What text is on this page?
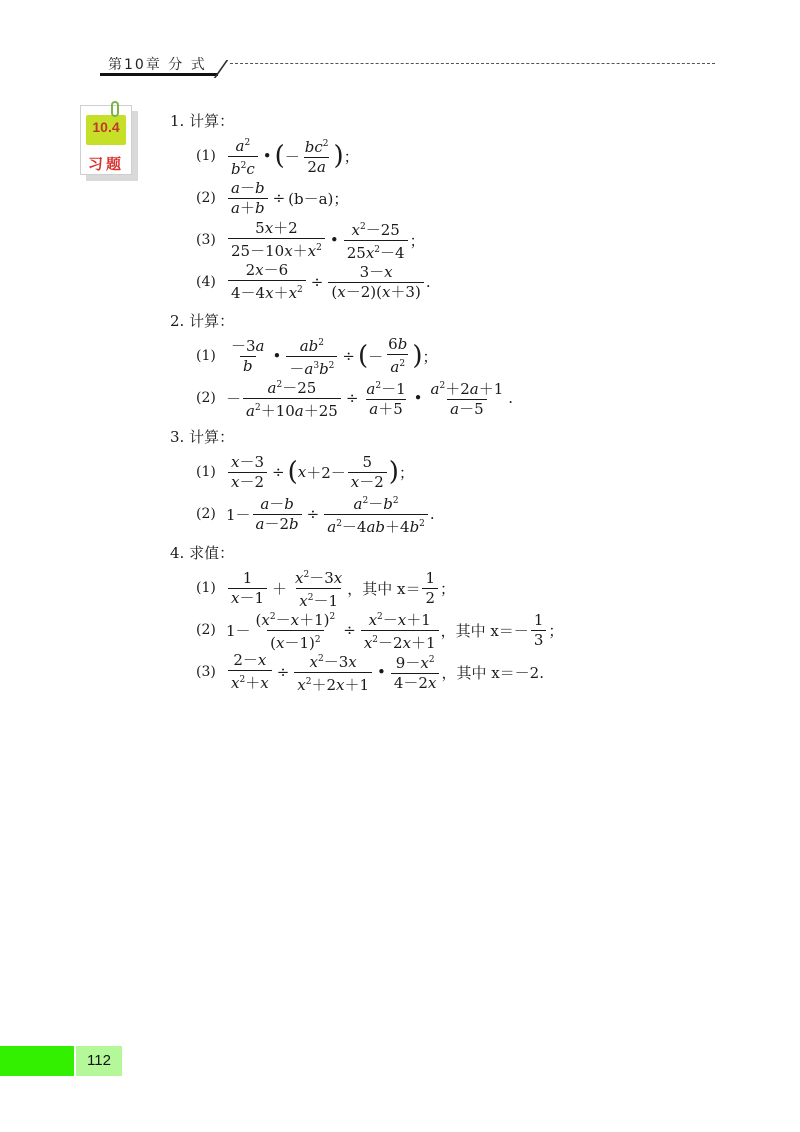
第10章 分 式
10.4
习题
1. 计算：
$(1) \frac{a^2}{b^2c}$ • ( － $\frac{bc^2}{2a}$ ) ；
$(2) \frac{a-b}{a+b} \div (b-a)$；
$(3) \frac{5x+2}{25-10x+x^2}$ • $\frac{x^2-25}{25x^2-4}$ ；
$(4) \frac{2x-6}{4-4x+x^2} \div \frac{3-x}{(x-2)(x+3)}$ .
2. 计算：
$(1) \frac{-3a}{b}$ • $\frac{ab^2}{-a^3b^2}$ ÷ ( － $\frac{6b}{a^2}$ ) ；
$(2) - \frac{a^2-25}{a^2+10a+25} \div \frac{a^2-1}{a+5}$ • $\frac{a^2+2a+1}{a-5}$ .
3. 计算：
$(1) \frac{x-3}{x-2}$ ÷ ( $x +2- \frac{5}{x-2}$ ) ；
(2) $1- \frac{a-b}{a-2b} \div \frac{a^2-b^2}{a^2-4ab+4b^2}$ .
4. 求值：
$(1) \frac{1}{x-1} + \frac{x^2-3x}{x^2-1}$ ，其中 $x= \frac{1}{2}$ ；
(2) $1- \frac{(x^2-x+1)^2}{(x-1)^2} \div \frac{x^2-x+1}{x^2-2x+1}$ ，其中 $x=- \frac{1}{3}$ ；
$(3) \frac{2-x}{x^2+x} \div \frac{x^2-3x}{x^2+2x+1}$ • $\frac{9-x^2}{4-2x}$ ，其中 x＝－2.
112
